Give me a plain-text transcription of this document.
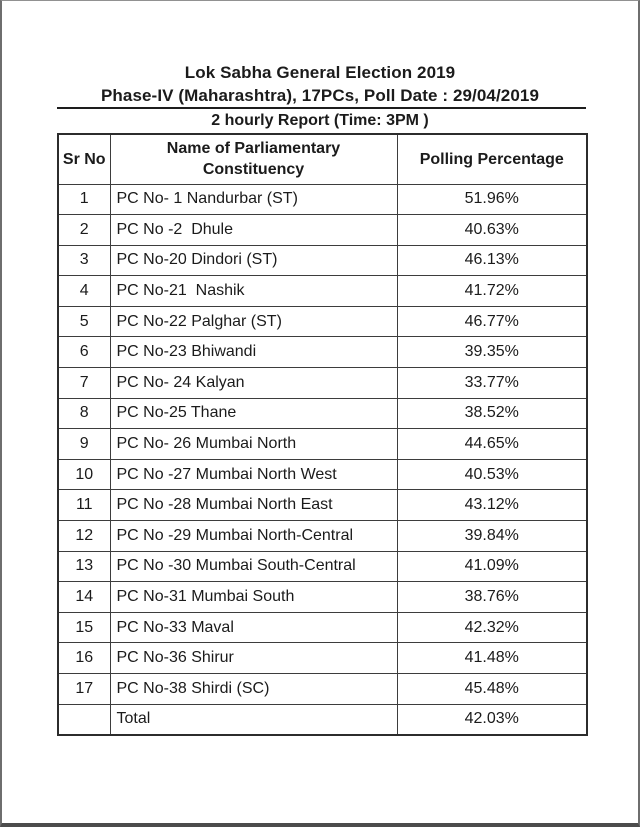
Lok Sabha General Election 2019
Phase-IV (Maharashtra), 17PCs, Poll Date : 29/04/2019
2 hourly Report (Time: 3PM )
Sr No	Name of Parliamentary Constituency	Polling Percentage
1	PC No- 1 Nandurbar (ST)	51.96%
2	PC No -2  Dhule	40.63%
3	PC No-20 Dindori (ST)	46.13%
4	PC No-21  Nashik	41.72%
5	PC No-22 Palghar (ST)	46.77%
6	PC No-23 Bhiwandi	39.35%
7	PC No- 24 Kalyan	33.77%
8	PC No-25 Thane	38.52%
9	PC No- 26 Mumbai North	44.65%
10	PC No -27 Mumbai North West	40.53%
11	PC No -28 Mumbai North East	43.12%
12	PC No -29 Mumbai North-Central	39.84%
13	PC No -30 Mumbai South-Central	41.09%
14	PC No-31 Mumbai South	38.76%
15	PC No-33 Maval	42.32%
16	PC No-36 Shirur	41.48%
17	PC No-38 Shirdi (SC)	45.48%
	Total	42.03%
